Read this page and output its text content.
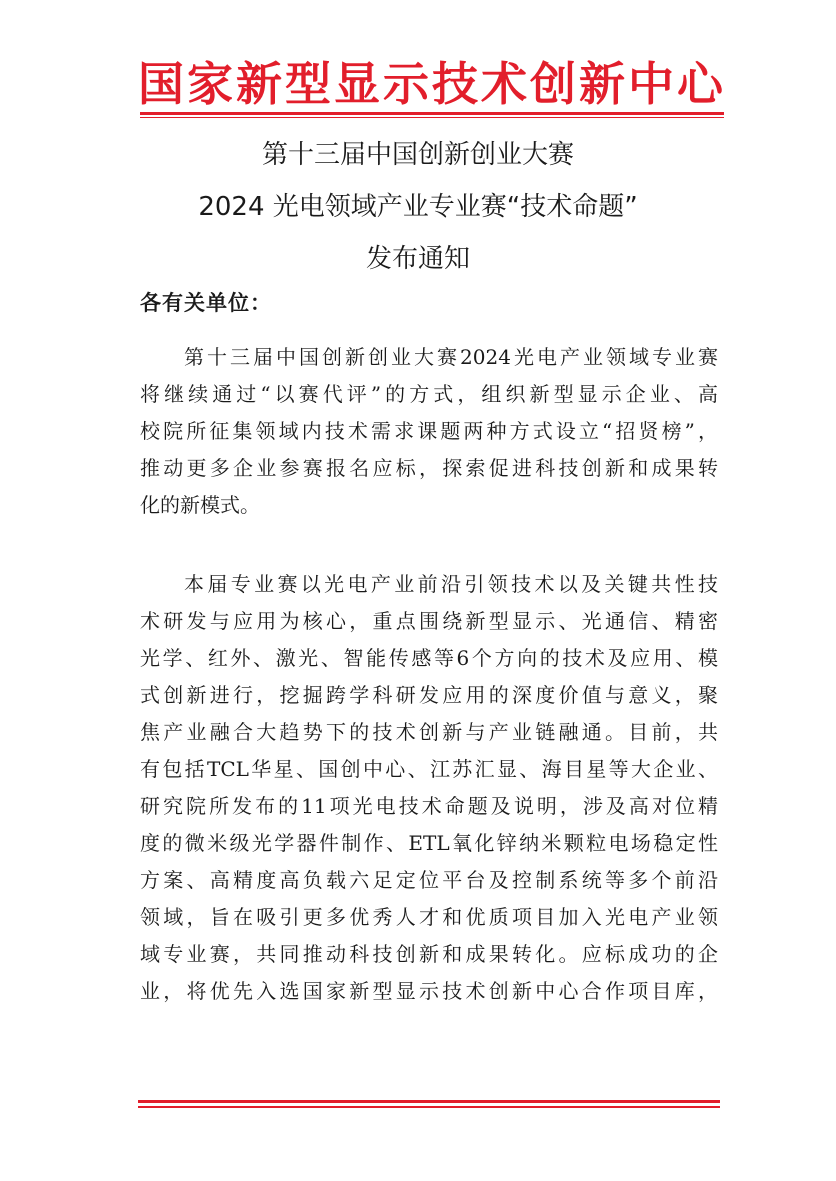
国家新型显示技术创新中心
第十三届中国创新创业大赛
2024 光电领域产业专业赛“技术命题”
发布通知
各有关单位：
第十三届中国创新创业大赛2024光电产业领域专业赛
将继续通过“以赛代评”的方式，组织新型显示企业、高
校院所征集领域内技术需求课题两种方式设立“招贤榜”，
推动更多企业参赛报名应标，探索促进科技创新和成果转
化的新模式。
本届专业赛以光电产业前沿引领技术以及关键共性技
术研发与应用为核心，重点围绕新型显示、光通信、精密
光学、红外、激光、智能传感等6个方向的技术及应用、模
式创新进行，挖掘跨学科研发应用的深度价值与意义，聚
焦产业融合大趋势下的技术创新与产业链融通。目前，共
有包括TCL华星、国创中心、江苏汇显、海目星等大企业、
研究院所发布的11项光电技术命题及说明，涉及高对位精
度的微米级光学器件制作、ETL氧化锌纳米颗粒电场稳定性
方案、高精度高负载六足定位平台及控制系统等多个前沿
领域，旨在吸引更多优秀人才和优质项目加入光电产业领
域专业赛，共同推动科技创新和成果转化。应标成功的企
业，将优先入选国家新型显示技术创新中心合作项目库，
